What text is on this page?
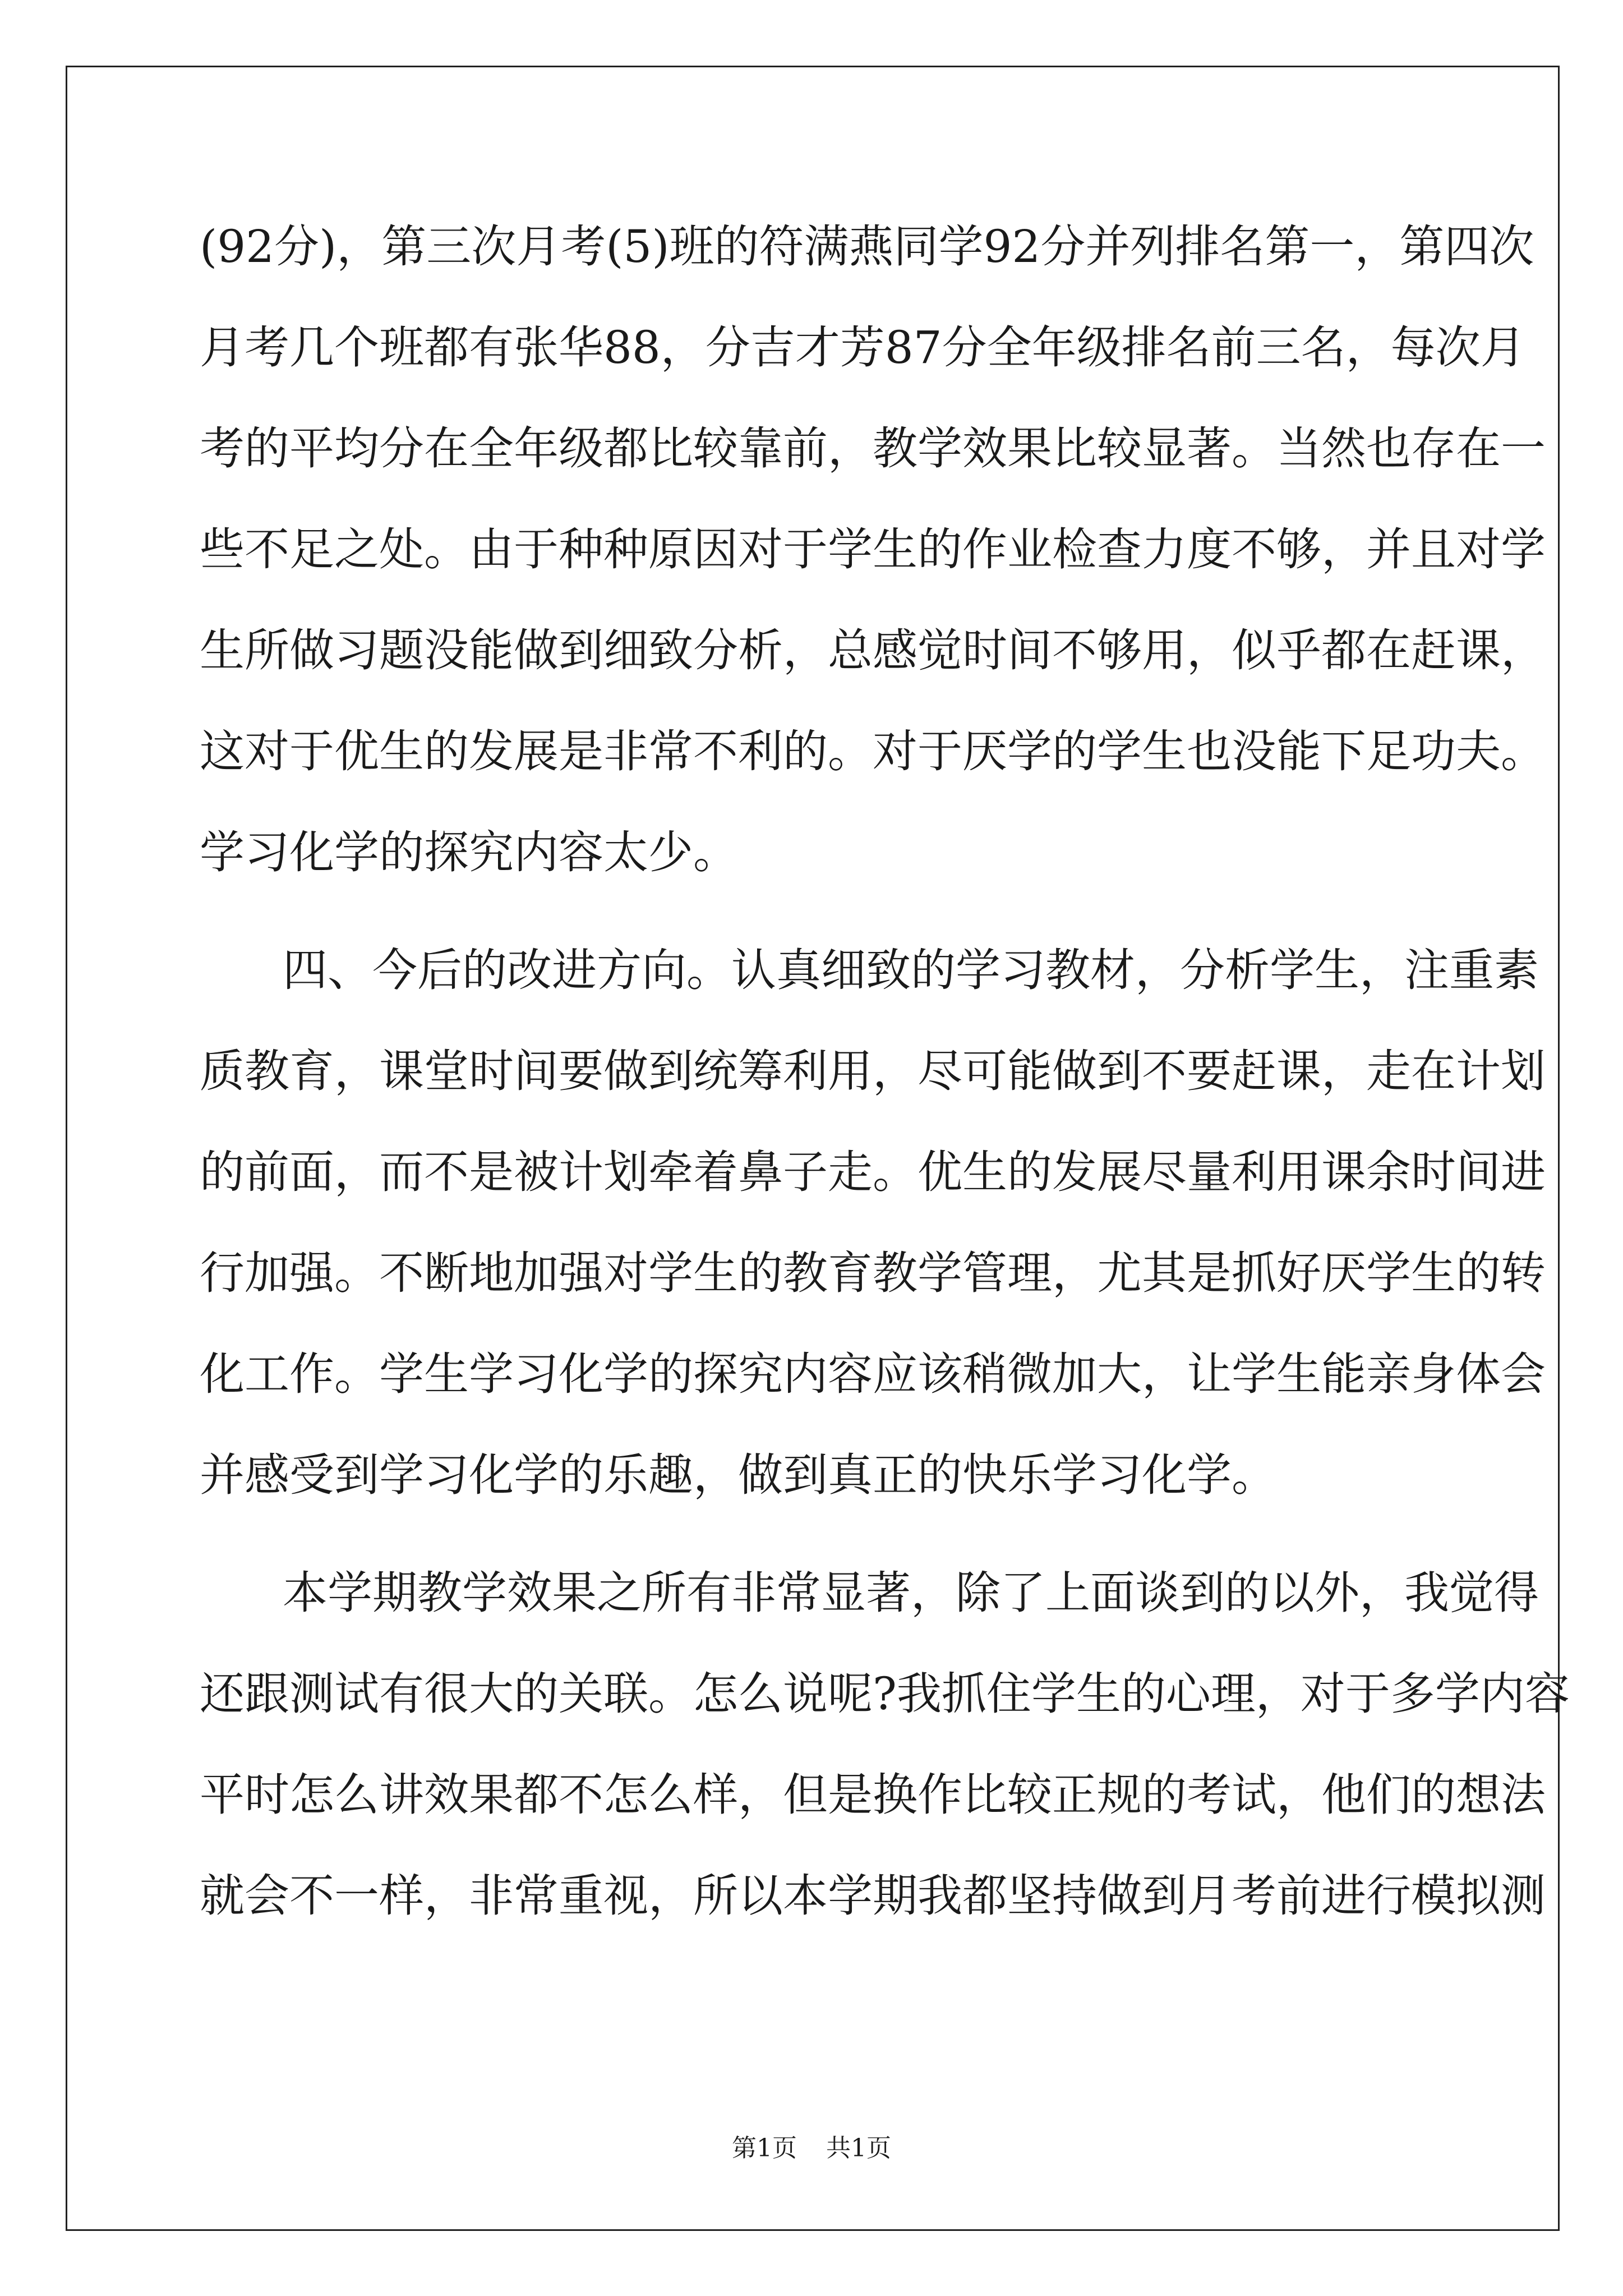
(92分)，第三次月考(5)班的符满燕同学92分并列排名第一，第四次
月考几个班都有张华88，分吉才芳87分全年级排名前三名，每次月
考的平均分在全年级都比较靠前，教学效果比较显著。当然也存在一
些不足之处。由于种种原因对于学生的作业检查力度不够，并且对学
生所做习题没能做到细致分析，总感觉时间不够用，似乎都在赶课，
这对于优生的发展是非常不利的。对于厌学的学生也没能下足功夫。
学习化学的探究内容太少。
四、今后的改进方向。认真细致的学习教材，分析学生，注重素
质教育，课堂时间要做到统筹利用，尽可能做到不要赶课，走在计划
的前面，而不是被计划牵着鼻子走。优生的发展尽量利用课余时间进
行加强。不断地加强对学生的教育教学管理，尤其是抓好厌学生的转
化工作。学生学习化学的探究内容应该稍微加大，让学生能亲身体会
并感受到学习化学的乐趣，做到真正的快乐学习化学。
本学期教学效果之所有非常显著，除了上面谈到的以外，我觉得
还跟测试有很大的关联。怎么说呢?我抓住学生的心理，对于多学内容
平时怎么讲效果都不怎么样，但是换作比较正规的考试，他们的想法
就会不一样，非常重视，所以本学期我都坚持做到月考前进行模拟测
第1页 共1页
